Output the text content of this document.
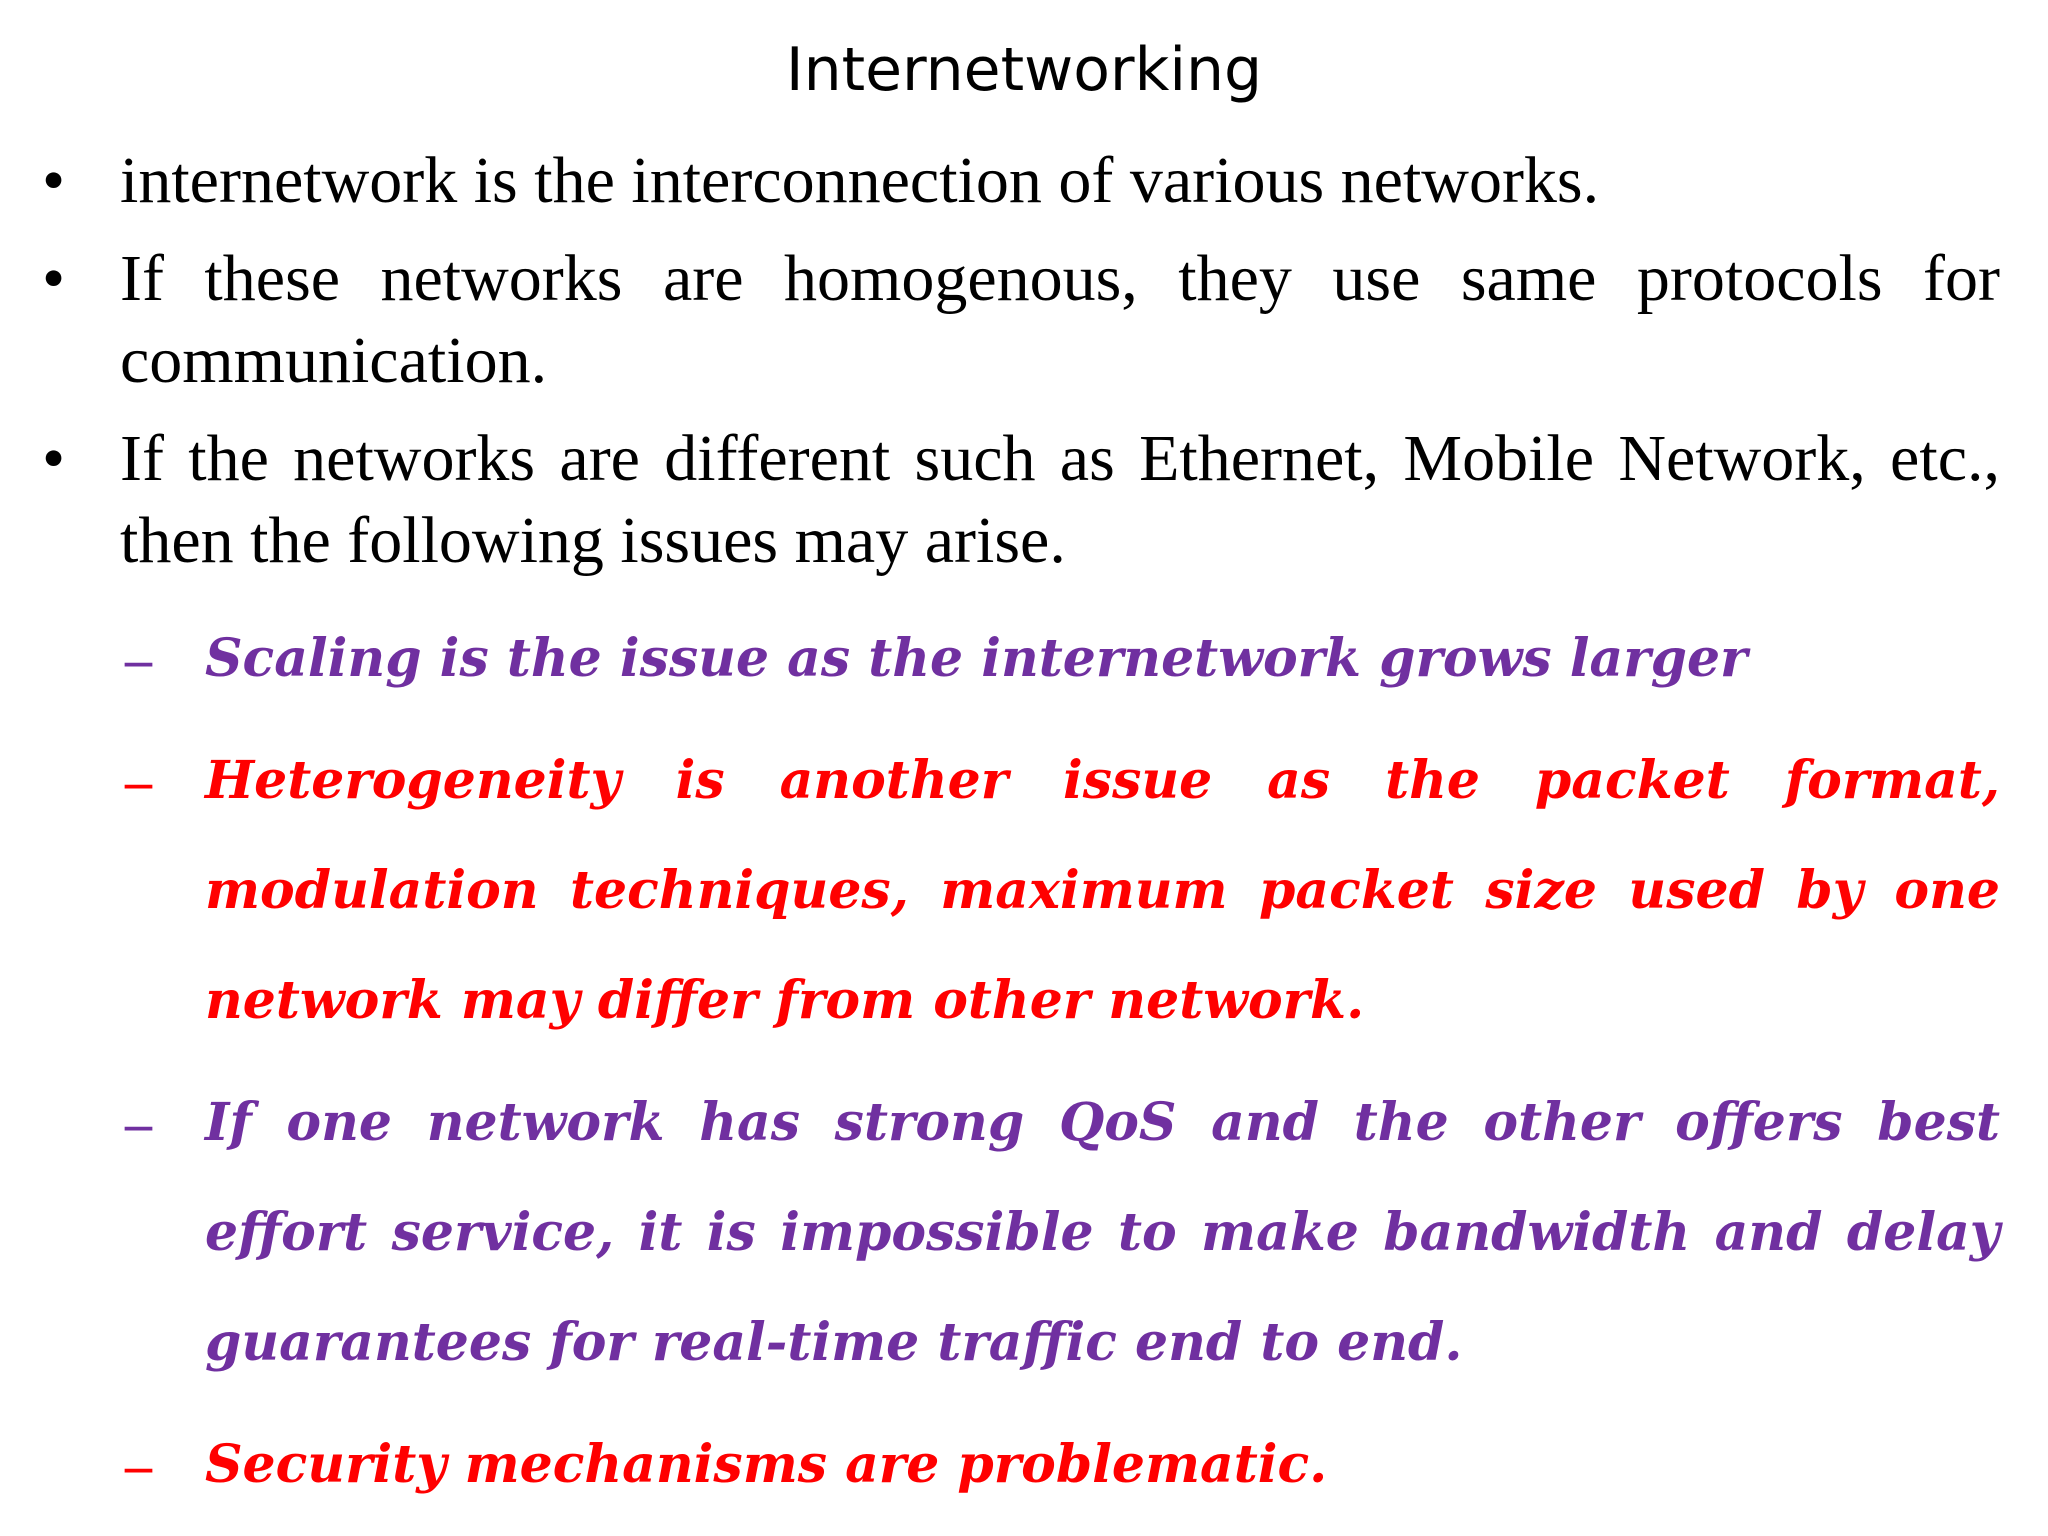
Internetworking
• internetwork is the interconnection of various networks.
• If these networks are homogenous, they use same protocols for communication.
• If the networks are different such as Ethernet, Mobile Network, etc., then the following issues may arise.
– Scaling is the issue as the internetwork grows larger
– Heterogeneity is another issue as the packet format, modulation techniques, maximum packet size used by one network may differ from other network.
– If one network has strong QoS and the other offers best effort service, it is impossible to make bandwidth and delay guarantees for real-time traffic end to end.
– Security mechanisms are problematic.
